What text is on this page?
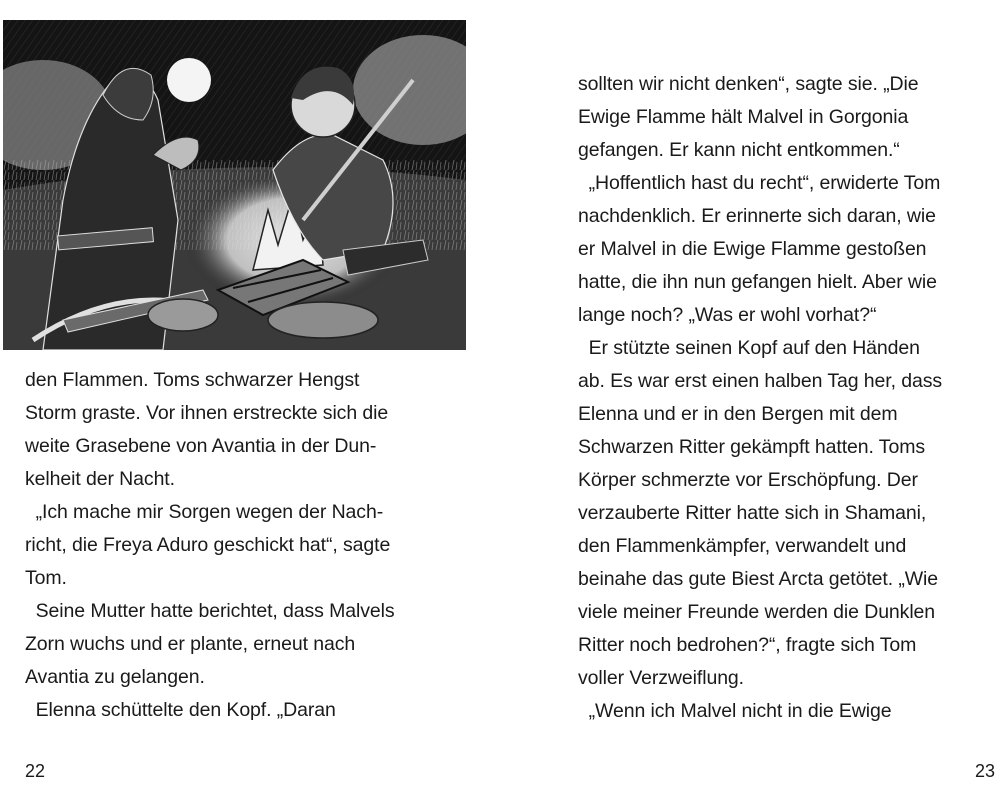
den Flammen. Toms schwarzer Hengst
Storm graste. Vor ihnen erstreckte sich die
weite Grasebene von Avantia in der Dun-
kelheit der Nacht.
„Ich mache mir Sorgen wegen der Nach-
richt, die Freya Aduro geschickt hat“, sagte
Tom.
Seine Mutter hatte berichtet, dass Malvels
Zorn wuchs und er plante, erneut nach
Avantia zu gelangen.
Elenna schüttelte den Kopf. „Daran

22

sollten wir nicht denken“, sagte sie. „Die
Ewige Flamme hält Malvel in Gorgonia
gefangen. Er kann nicht entkommen.“
„Hoffentlich hast du recht“, erwiderte Tom
nachdenklich. Er erinnerte sich daran, wie
er Malvel in die Ewige Flamme gestoßen
hatte, die ihn nun gefangen hielt. Aber wie
lange noch? „Was er wohl vorhat?“
Er stützte seinen Kopf auf den Händen
ab. Es war erst einen halben Tag her, dass
Elenna und er in den Bergen mit dem
Schwarzen Ritter gekämpft hatten. Toms
Körper schmerzte vor Erschöpfung. Der
verzauberte Ritter hatte sich in Shamani,
den Flammenkämpfer, verwandelt und
beinahe das gute Biest Arcta getötet. „Wie
viele meiner Freunde werden die Dunklen
Ritter noch bedrohen?“, fragte sich Tom
voller Verzweiflung.
„Wenn ich Malvel nicht in die Ewige

23
